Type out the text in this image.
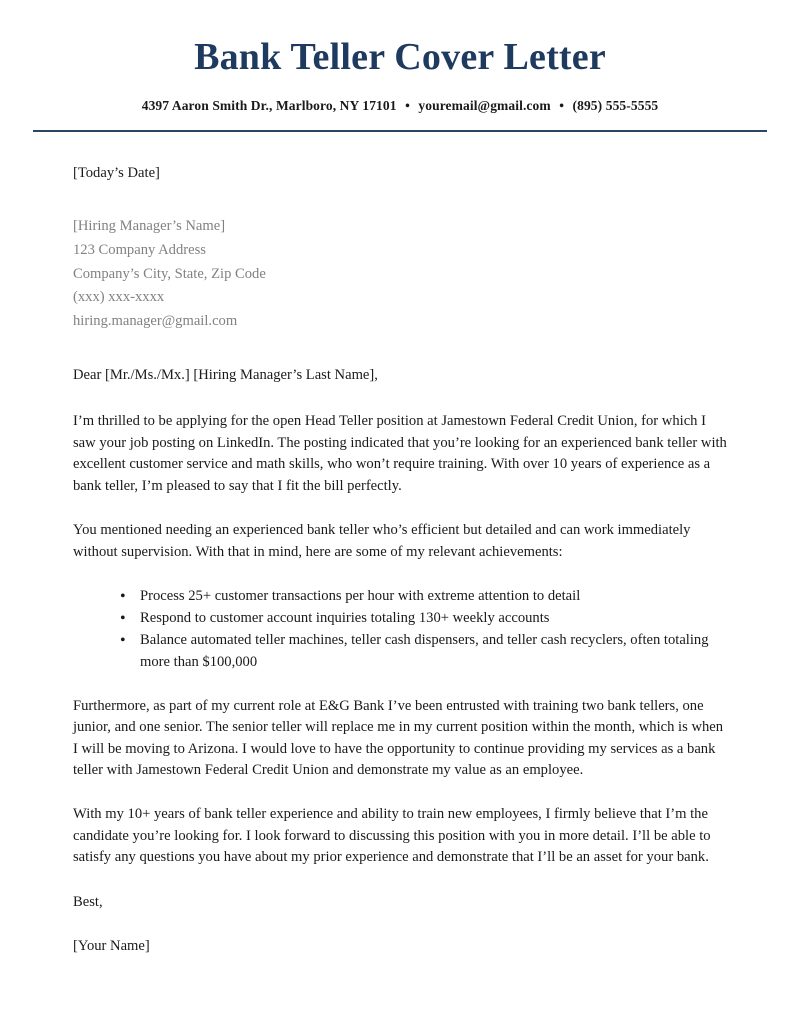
Bank Teller Cover Letter
4397 Aaron Smith Dr., Marlboro, NY 17101 • youremail@gmail.com • (895) 555-5555
[Today’s Date]
[Hiring Manager’s Name]
123 Company Address
Company’s City, State, Zip Code
(xxx) xxx-xxxx
hiring.manager@gmail.com
Dear [Mr./Ms./Mx.] [Hiring Manager’s Last Name],

I’m thrilled to be applying for the open Head Teller position at Jamestown Federal Credit Union, for which I saw your job posting on LinkedIn. The posting indicated that you’re looking for an experienced bank teller with excellent customer service and math skills, who won’t require training. With over 10 years of experience as a bank teller, I’m pleased to say that I fit the bill perfectly.

You mentioned needing an experienced bank teller who’s efficient but detailed and can work immediately without supervision. With that in mind, here are some of my relevant achievements:

• Process 25+ customer transactions per hour with extreme attention to detail
• Respond to customer account inquiries totaling 130+ weekly accounts
• Balance automated teller machines, teller cash dispensers, and teller cash recyclers, often totaling more than $100,000

Furthermore, as part of my current role at E&G Bank I’ve been entrusted with training two bank tellers, one junior, and one senior. The senior teller will replace me in my current position within the month, which is when I will be moving to Arizona. I would love to have the opportunity to continue providing my services as a bank teller with Jamestown Federal Credit Union and demonstrate my value as an employee.

With my 10+ years of bank teller experience and ability to train new employees, I firmly believe that I’m the candidate you’re looking for. I look forward to discussing this position with you in more detail. I’ll be able to satisfy any questions you have about my prior experience and demonstrate that I’ll be an asset for your bank.

Best,
[Your Name]
